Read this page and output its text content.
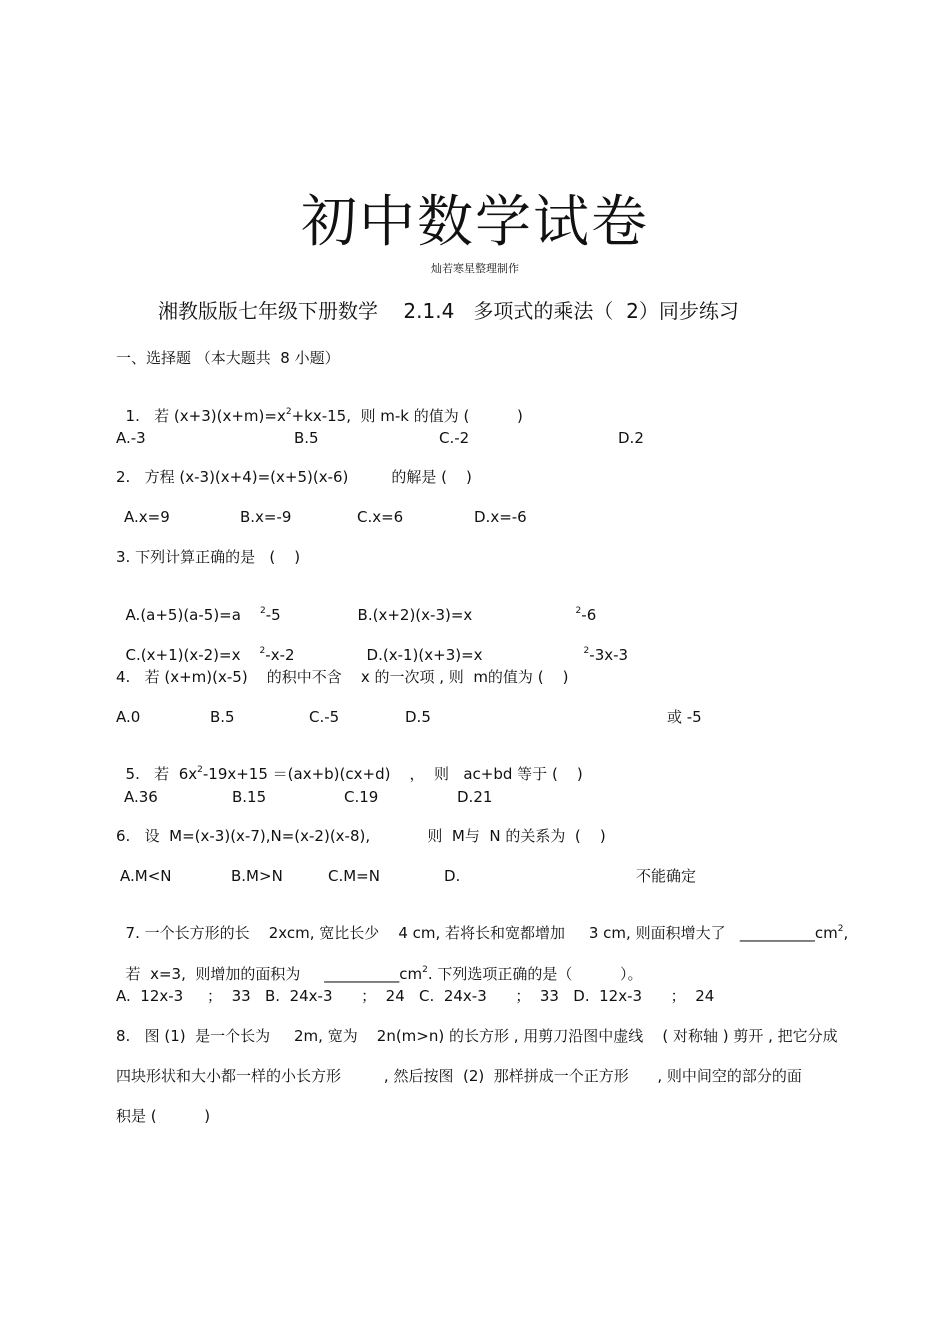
初中数学试卷
灿若寒星整理制作
湘教版版七年级下册数学    2.1.4   多项式的乘法（  2）同步练习
一、选择题 （本大题共  8 小题）

1.   若 $(x+3)(x+m)=x^2+kx-15$,  则 m-k 的值为 (          )

A.-3	B.5	C.-2	D.2
2.   方程 (x-3)(x+4)=(x+5)(x-6)         的解是 (    )
A.x=9	B.x=-9	C.x=6	D.x=-6
3. 下列计算正确的是   (    )

A.(a+5)(a-5)=a $^2$-5	B.(x+2)(x-3)=x	$^2$-6

C.(x+1)(x-2)=x $^2$-x-2	D.(x-1)(x+3)=x	$^2$-3x-3

4.   若 (x+m)(x-5)    的积中不含    x 的一次项 , 则  m的值为 (    )
A.0	B.5	C.-5	D.5	或 -5

5.   若  $6x^2-19x+15 =(ax+b)(cx+d)$    ，  则   ac+bd 等于 (    )

A.36	B.15	C.19	D.21
6.   设  M=(x-3)(x-7),N=(x-2)(x-8),            则  M与  N 的关系为  (    )
A.M<N	B.M>N	C.M=N	D.	不能确定

7. 一个长方形的长    2xcm, 宽比长少    4 cm, 若将长和宽都增加     3 cm, 则面积增大了   $\_\_\_\_\_\_\_\_\_\_cm^2$,

若  x=3,  则增加的面积为     $\_\_\_\_\_\_\_\_\_\_cm^2$. 下列选项正确的是（          ）。

A.  12x-3     ；  33   B.  24x-3      ；  24   C.  24x-3      ；  33   D.  12x-3      ；  24
8.   图 (1)  是一个长为     2m, 宽为    2n(m>n) 的长方形 , 用剪刀沿图中虚线    ( 对称轴 ) 剪开 , 把它分成
四块形状和大小都一样的小长方形         , 然后按图  (2)  那样拼成一个正方形      , 则中间空的部分的面
积是 (          )
